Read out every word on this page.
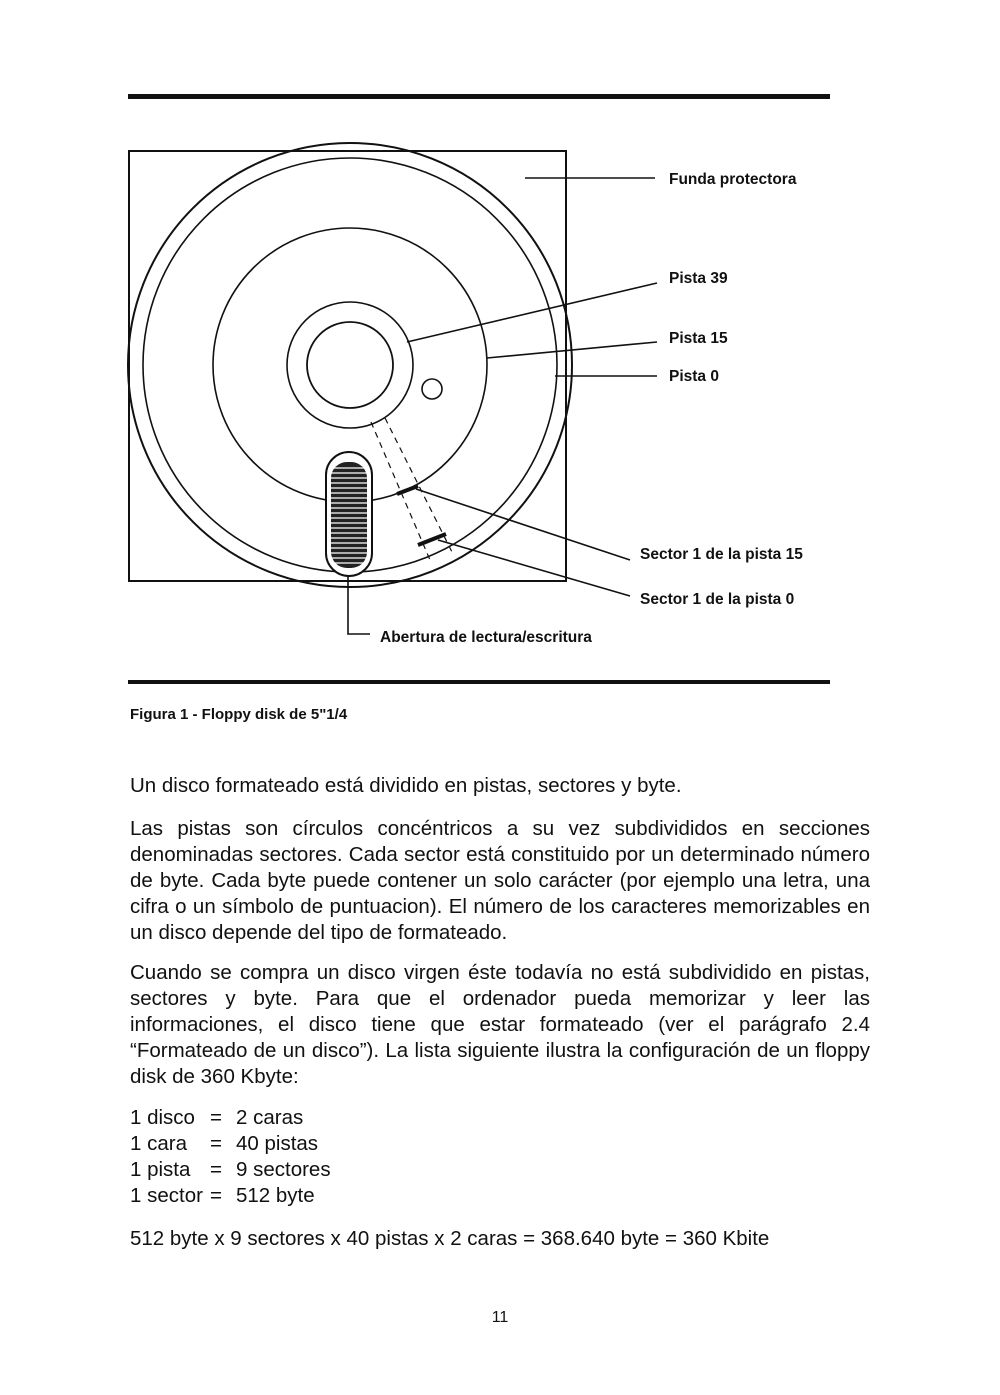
Funda protectora
Pista 39
Pista 15
Pista 0
Sector 1 de la pista 15
Sector 1 de la pista 0
Abertura de lectura/escritura
Figura 1 - Floppy disk de 5"1/4

Un disco formateado está dividido en pistas, sectores y byte.

Las pistas son círculos concéntricos a su vez subdivididos en secciones denominadas sectores. Cada sector está constituido por un determinado número de byte. Cada byte puede contener un solo carácter (por ejemplo una letra, una cifra o un símbolo de puntuacion). El número de los caracteres memorizables en un disco depende del tipo de formateado.

Cuando se compra un disco virgen éste todavía no está subdividido en pistas, sectores y byte. Para que el ordenador pueda memorizar y leer las informaciones, el disco tiene que estar formateado (ver el parágrafo 2.4 “Formateado de un disco”). La lista siguiente ilustra la configuración de un floppy disk de 360 Kbyte:

1 disco = 2 caras
1 cara	= 40 pistas
1 pista = 9 sectores
1 sector = 512 byte

512 byte x 9 sectores x 40 pistas x 2 caras = 368.640 byte = 360 Kbite

11
